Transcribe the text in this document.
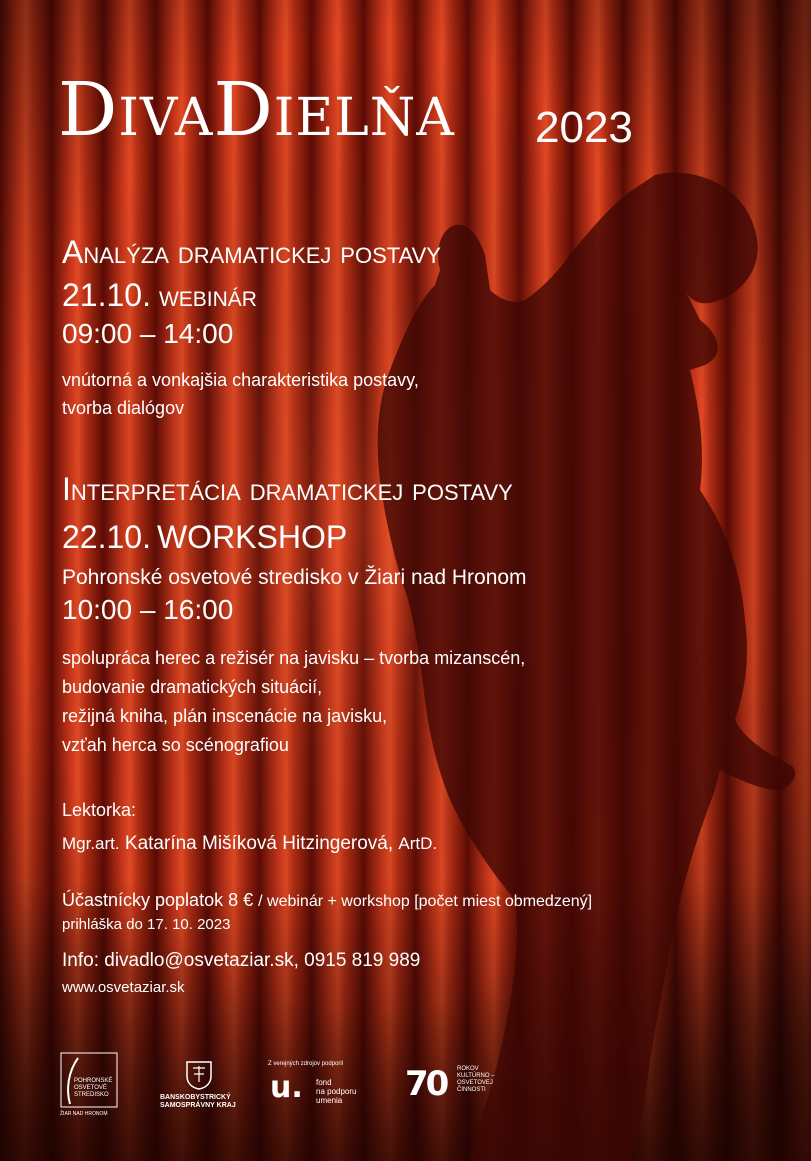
DivaDielňa 2023
Analýza dramatickej postavy
21.10. webinár
09:00 – 14:00
vnútorná a vonkajšia charakteristika postavy,
tvorba dialógov
Interpretácia dramatickej postavy
22.10. WORKSHOP
Pohronské osvetové stredisko v Žiari nad Hronom
10:00 – 16:00
spolupráca herec a režisér na javisku – tvorba mizanscén,
budovanie dramatických situácií,
režijná kniha, plán inscenácie na javisku,
vzťah herca so scénografiou
Lektorka:
Mgr.art. Katarína Mišíková Hitzingerová, ArtD.
Účastnícky poplatok 8 € / webinár + workshop [počet miest obmedzený]
prihláška do 17. 10. 2023
Info: divadlo@osvetaziar.sk, 0915 819 989
www.osvetaziar.sk
POHRONSKÉ
OSVETOVÉ
STREDISKO
ŽIAR NAD HRONOM
BANSKOBYSTRICKÝ
SAMOSPRÁVNY KRAJ
Z verejných zdrojov podporil
u. fond
na podporu
umenia	70 ROKOV
KULTÚRNO –
OSVETOVEJ
ČINNOSTI
